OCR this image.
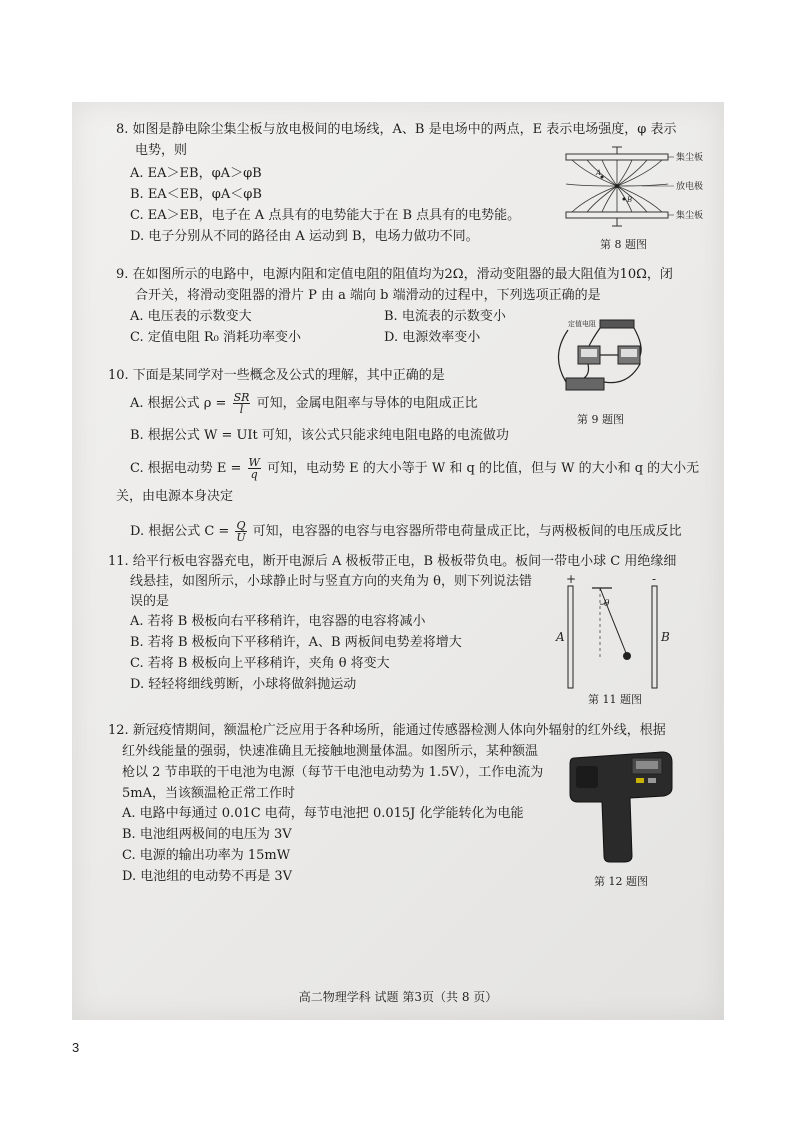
8. 如图是静电除尘集尘板与放电极间的电场线，A、B 是电场中的两点，E 表示电场强度，φ 表示
电势，则
A. EA＞EB，φA＞φB
B. EA＜EB，φA＜φB
C. EA＞EB，电子在 A 点具有的电势能大于在 B 点具有的电势能。
D. 电子分别从不同的路径由 A 运动到 B，电场力做功不同。
A
B
集尘板
放电极
集尘板
第 8 题图
9. 在如图所示的电路中，电源内阻和定值电阻的阻值均为2Ω，滑动变阻器的最大阻值为10Ω，闭
合开关，将滑动变阻器的滑片 P 由 a 端向 b 端滑动的过程中，下列选项正确的是
A. 电压表的示数变大	B. 电流表的示数变小
C. 定值电阻 R₀ 消耗功率变小	D. 电源效率变小
定值电阻
第 9 题图
10. 下面是某同学对一些概念及公式的理解，其中正确的是
A. 根据公式 $\rho = \frac{SR}{l}$ 可知，金属电阻率与导体的电阻成正比
B. 根据公式 W = UIt 可知，该公式只能求纯电阻电路的电流做功
C. 根据电动势 $E = \frac{W}{q}$ 可知，电动势 E 的大小等于 W 和 q 的比值，但与 W 的大小和 q 的大小无
关，由电源本身决定
D. 根据公式 $C = \frac{Q}{U}$ 可知，电容器的电容与电容器所带电荷量成正比，与两极板间的电压成反比
11. 给平行板电容器充电，断开电源后 A 极板带正电，B 极板带负电。板间一带电小球 C 用绝缘细
线悬挂，如图所示，小球静止时与竖直方向的夹角为 θ，则下列说法错
误的是
A. 若将 B 极板向右平移稍许，电容器的电容将减小
B. 若将 B 极板向下平移稍许，A、B 两板间电势差将增大
C. 若将 B 极板向上平移稍许，夹角 θ 将变大
D. 轻轻将细线剪断，小球将做斜抛运动
+	-
A	B
θ
第 11 题图
12. 新冠疫情期间，额温枪广泛应用于各种场所，能通过传感器检测人体向外辐射的红外线，根据
红外线能量的强弱，快速准确且无接触地测量体温。如图所示，某种额温
枪以 2 节串联的干电池为电源（每节干电池电动势为 1.5V），工作电流为
5mA，当该额温枪正常工作时
A. 电路中每通过 0.01C 电荷，每节电池把 0.015J 化学能转化为电能
B. 电池组两极间的电压为 3V
C. 电源的输出功率为 15mW
D. 电池组的电动势不再是 3V	第 12 题图
高二物理学科 试题 第3页（共 8 页）
3
